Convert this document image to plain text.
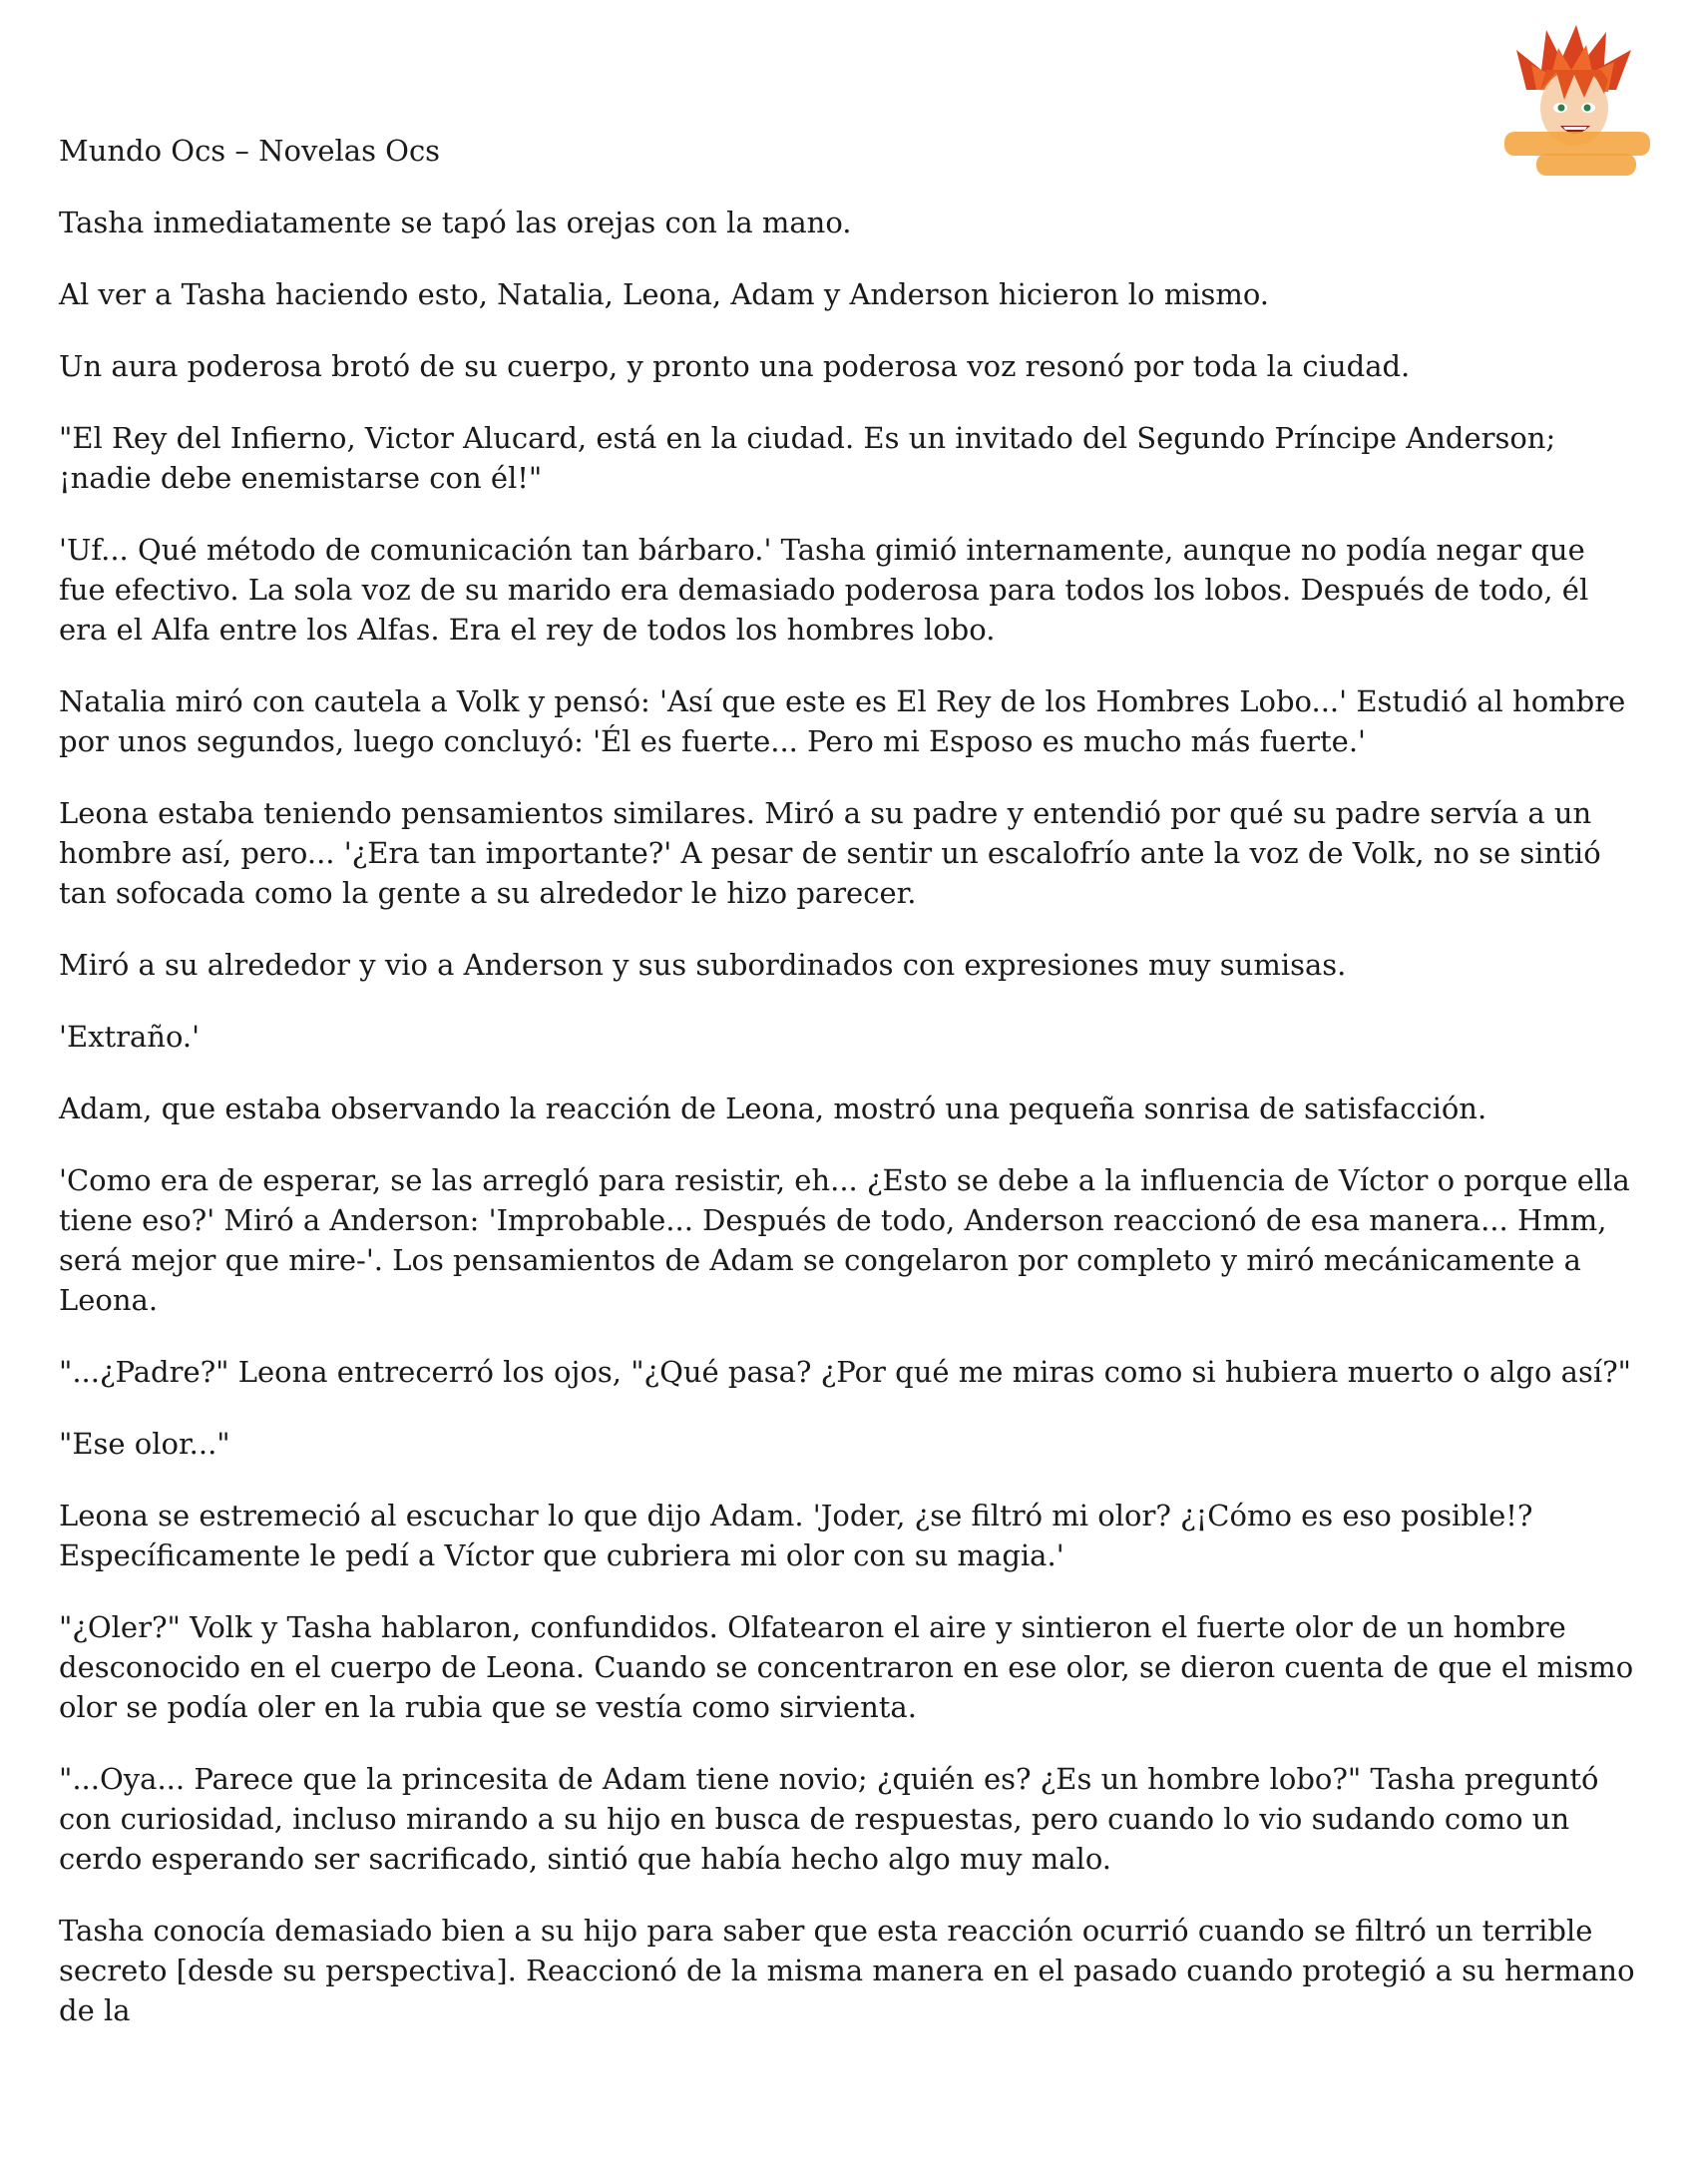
Mundo Ocs – Novelas Ocs

Tasha inmediatamente se tapó las orejas con la mano.

Al ver a Tasha haciendo esto, Natalia, Leona, Adam y Anderson hicieron lo mismo.

Un aura poderosa brotó de su cuerpo, y pronto una poderosa voz resonó por toda la ciudad.

"El Rey del Infierno, Victor Alucard, está en la ciudad. Es un invitado del Segundo Príncipe Anderson; ¡nadie debe enemistarse con él!"

'Uf... Qué método de comunicación tan bárbaro.' Tasha gimió internamente, aunque no podía negar que fue efectivo. La sola voz de su marido era demasiado poderosa para todos los lobos. Después de todo, él era el Alfa entre los Alfas. Era el rey de todos los hombres lobo.

Natalia miró con cautela a Volk y pensó: 'Así que este es El Rey de los Hombres Lobo...' Estudió al hombre por unos segundos, luego concluyó: 'Él es fuerte... Pero mi Esposo es mucho más fuerte.'

Leona estaba teniendo pensamientos similares. Miró a su padre y entendió por qué su padre servía a un hombre así, pero... '¿Era tan importante?' A pesar de sentir un escalofrío ante la voz de Volk, no se sintió tan sofocada como la gente a su alrededor le hizo parecer.

Miró a su alrededor y vio a Anderson y sus subordinados con expresiones muy sumisas.

'Extraño.'

Adam, que estaba observando la reacción de Leona, mostró una pequeña sonrisa de satisfacción.

'Como era de esperar, se las arregló para resistir, eh... ¿Esto se debe a la influencia de Víctor o porque ella tiene eso?' Miró a Anderson: 'Improbable... Después de todo, Anderson reaccionó de esa manera... Hmm, será mejor que mire-'. Los pensamientos de Adam se congelaron por completo y miró mecánicamente a Leona.

"...¿Padre?" Leona entrecerró los ojos, "¿Qué pasa? ¿Por qué me miras como si hubiera muerto o algo así?"

"Ese olor..."

Leona se estremeció al escuchar lo que dijo Adam. 'Joder, ¿se filtró mi olor? ¿¡Cómo es eso posible!? Específicamente le pedí a Víctor que cubriera mi olor con su magia.'

"¿Oler?" Volk y Tasha hablaron, confundidos. Olfatearon el aire y sintieron el fuerte olor de un hombre desconocido en el cuerpo de Leona. Cuando se concentraron en ese olor, se dieron cuenta de que el mismo olor se podía oler en la rubia que se vestía como sirvienta.

"...Oya... Parece que la princesita de Adam tiene novio; ¿quién es? ¿Es un hombre lobo?" Tasha preguntó con curiosidad, incluso mirando a su hijo en busca de respuestas, pero cuando lo vio sudando como un cerdo esperando ser sacrificado, sintió que había hecho algo muy malo.

Tasha conocía demasiado bien a su hijo para saber que esta reacción ocurrió cuando se filtró un terrible secreto [desde su perspectiva]. Reaccionó de la misma manera en el pasado cuando protegió a su hermano de la
